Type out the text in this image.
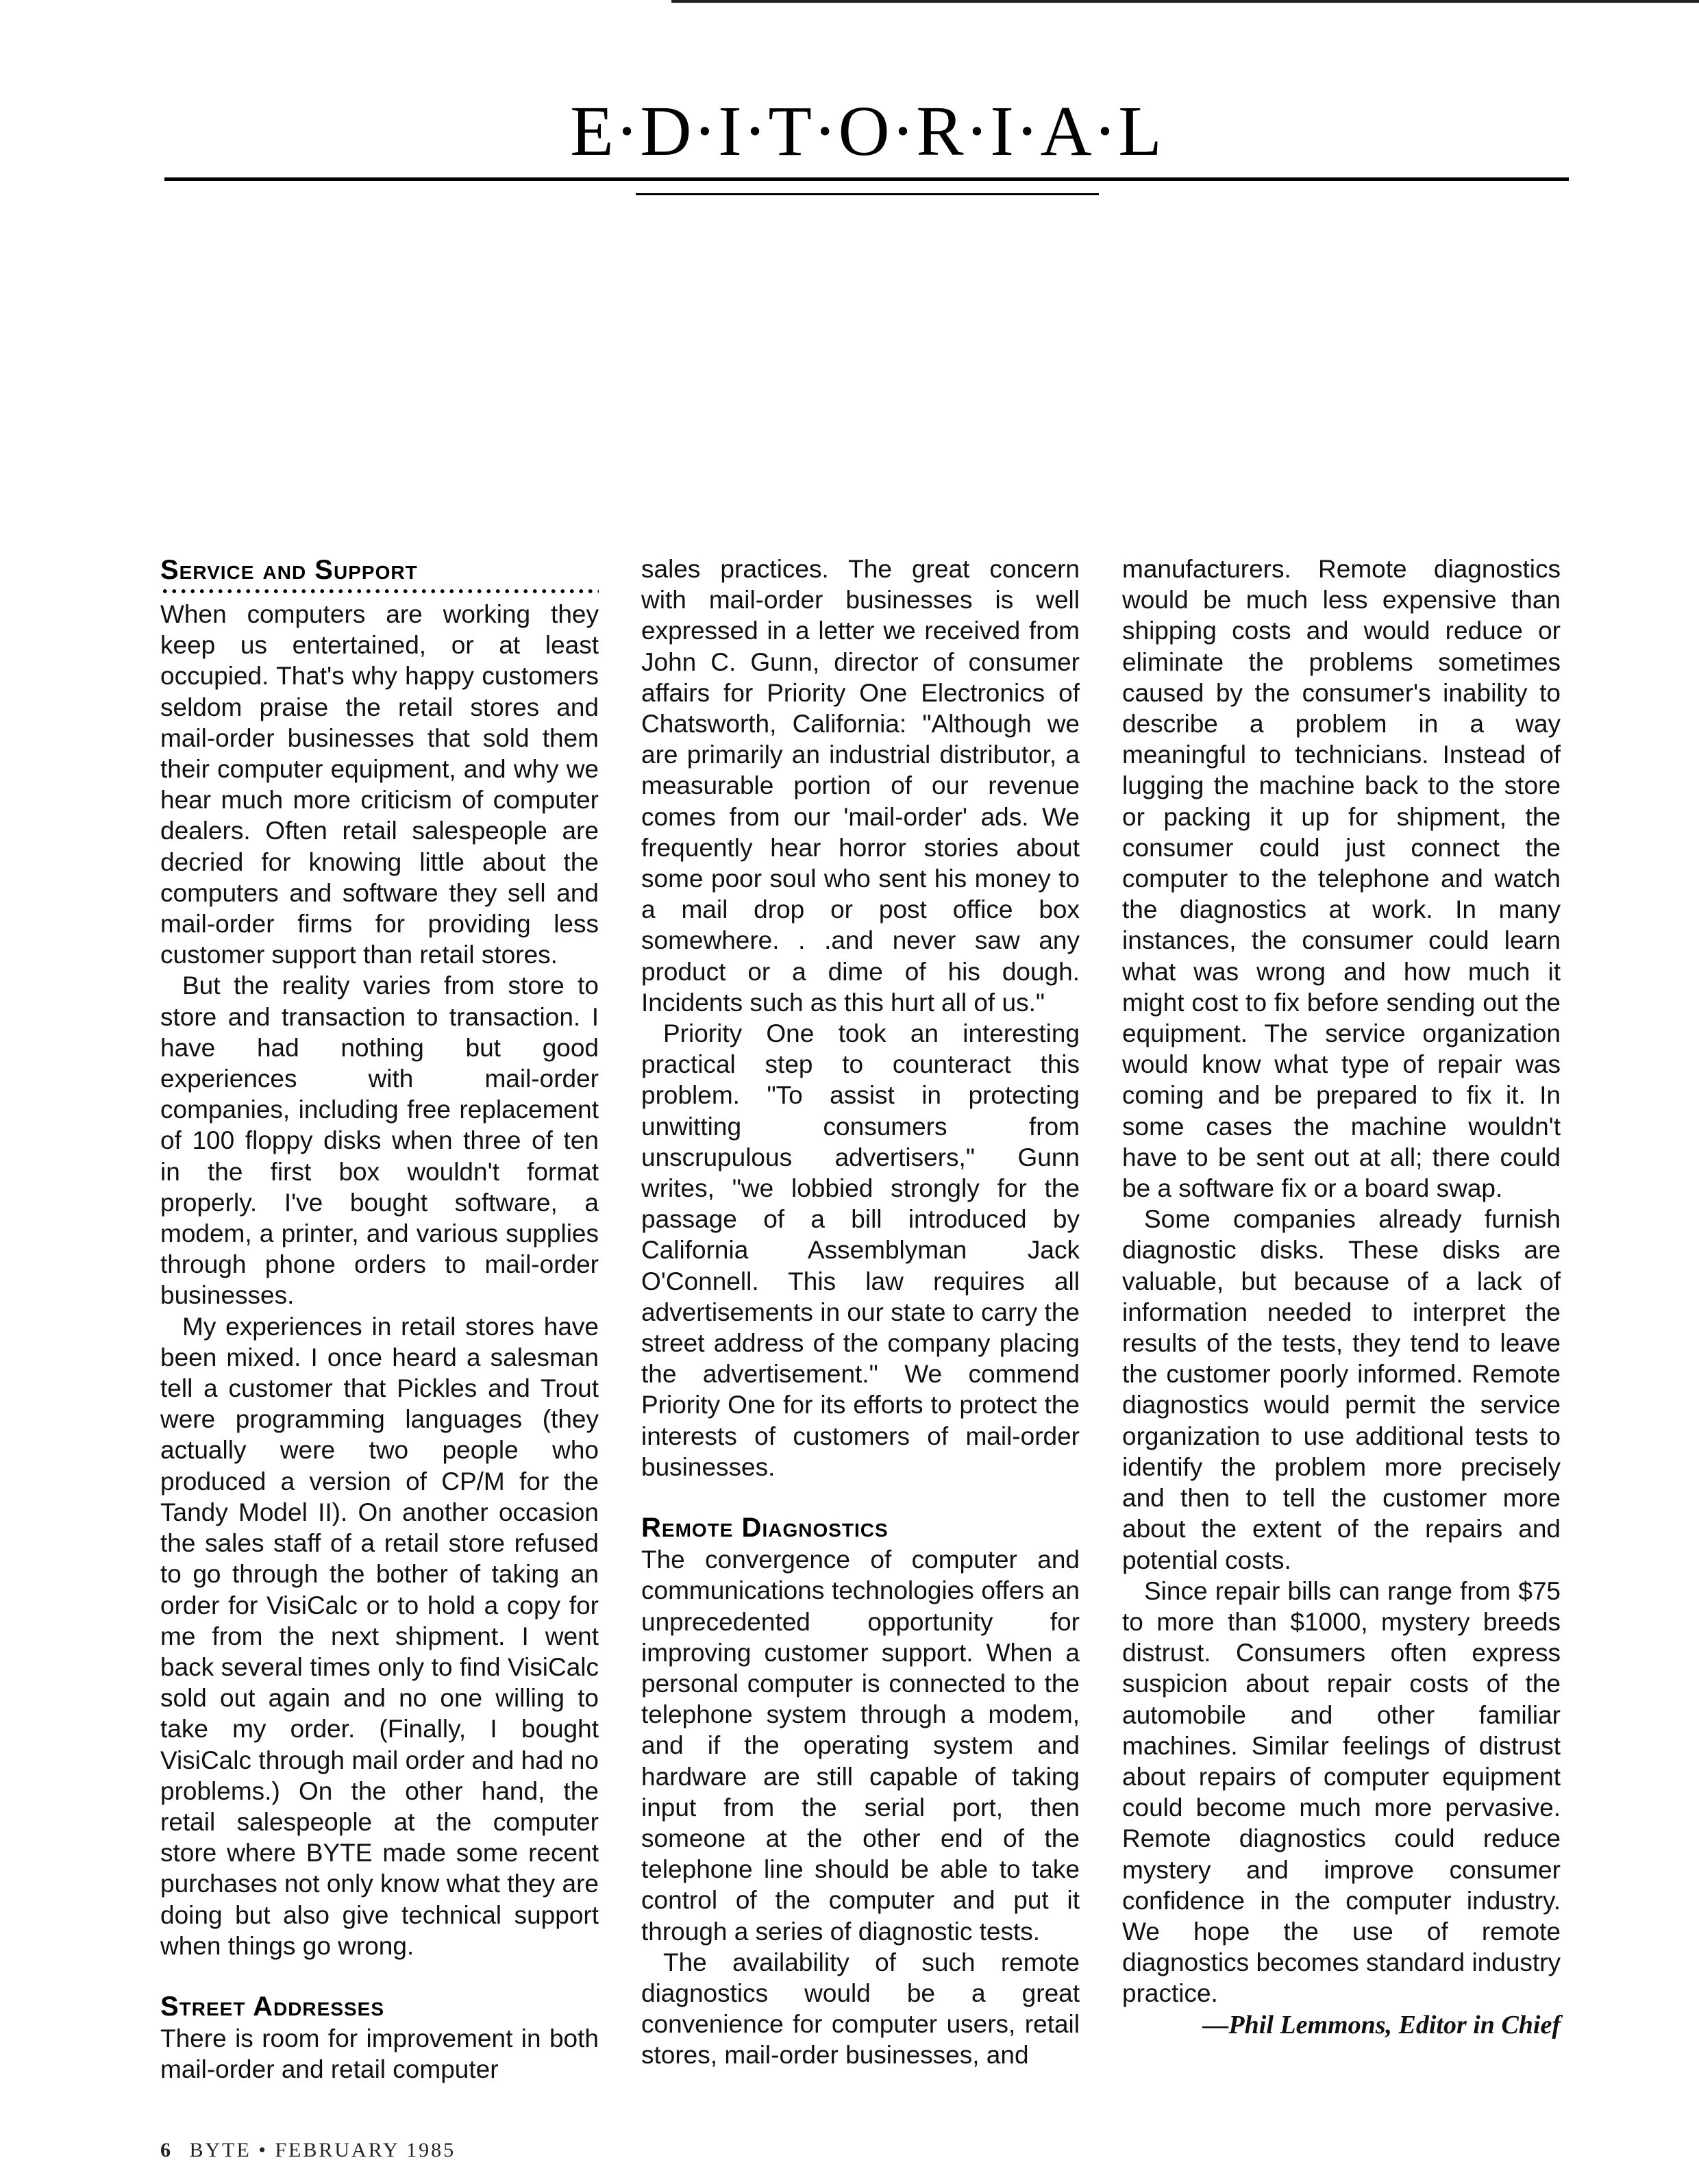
E·D·I·T·O·R·I·A·L
Service and Support

When computers are working they keep us entertained, or at least occupied. That's why happy customers seldom praise the retail stores and mail-order businesses that sold them their computer equipment, and why we hear much more criticism of computer dealers. Often retail salespeople are decried for knowing little about the computers and software they sell and mail-order firms for providing less customer support than retail stores.

But the reality varies from store to store and transaction to transaction. I have had nothing but good experiences with mail-order companies, including free replacement of 100 floppy disks when three of ten in the first box wouldn't format properly. I've bought software, a modem, a printer, and various supplies through phone orders to mail-order businesses.

My experiences in retail stores have been mixed. I once heard a salesman tell a customer that Pickles and Trout were programming languages (they actually were two people who produced a version of CP/M for the Tandy Model II). On another occasion the sales staff of a retail store refused to go through the bother of taking an order for VisiCalc or to hold a copy for me from the next shipment. I went back several times only to find VisiCalc sold out again and no one willing to take my order. (Finally, I bought VisiCalc through mail order and had no problems.) On the other hand, the retail salespeople at the computer store where BYTE made some recent purchases not only know what they are doing but also give technical support when things go wrong.

Street Addresses

There is room for improvement in both mail-order and retail computer

sales practices. The great concern with mail-order businesses is well expressed in a letter we received from John C. Gunn, director of consumer affairs for Priority One Electronics of Chatsworth, California: "Although we are primarily an industrial distributor, a measurable portion of our revenue comes from our 'mail-order' ads. We frequently hear horror stories about some poor soul who sent his money to a mail drop or post office box somewhere. . .and never saw any product or a dime of his dough. Incidents such as this hurt all of us."

Priority One took an interesting practical step to counteract this problem. "To assist in protecting unwitting consumers from unscrupulous advertisers," Gunn writes, "we lobbied strongly for the passage of a bill introduced by California Assemblyman Jack O'Connell. This law requires all advertisements in our state to carry the street address of the company placing the advertisement." We commend Priority One for its efforts to protect the interests of customers of mail-order businesses.

Remote Diagnostics

The convergence of computer and communications technologies offers an unprecedented opportunity for improving customer support. When a personal computer is connected to the telephone system through a modem, and if the operating system and hardware are still capable of taking input from the serial port, then someone at the other end of the telephone line should be able to take control of the computer and put it through a series of diagnostic tests.

The availability of such remote diagnostics would be a great convenience for computer users, retail stores, mail-order businesses, and

manufacturers. Remote diagnostics would be much less expensive than shipping costs and would reduce or eliminate the problems sometimes caused by the consumer's inability to describe a problem in a way meaningful to technicians. Instead of lugging the machine back to the store or packing it up for shipment, the consumer could just connect the computer to the telephone and watch the diagnostics at work. In many instances, the consumer could learn what was wrong and how much it might cost to fix before sending out the equipment. The service organization would know what type of repair was coming and be prepared to fix it. In some cases the machine wouldn't have to be sent out at all; there could be a software fix or a board swap.

Some companies already furnish diagnostic disks. These disks are valuable, but because of a lack of information needed to interpret the results of the tests, they tend to leave the customer poorly informed. Remote diagnostics would permit the service organization to use additional tests to identify the problem more precisely and then to tell the customer more about the extent of the repairs and potential costs.

Since repair bills can range from $75 to more than $1000, mystery breeds distrust. Consumers often express suspicion about repair costs of the automobile and other familiar machines. Similar feelings of distrust about repairs of computer equipment could become much more pervasive. Remote diagnostics could reduce mystery and improve consumer confidence in the computer industry. We hope the use of remote diagnostics becomes standard industry practice.

—Phil Lemmons, Editor in Chief
6 BYTE • FEBRUARY 1985
